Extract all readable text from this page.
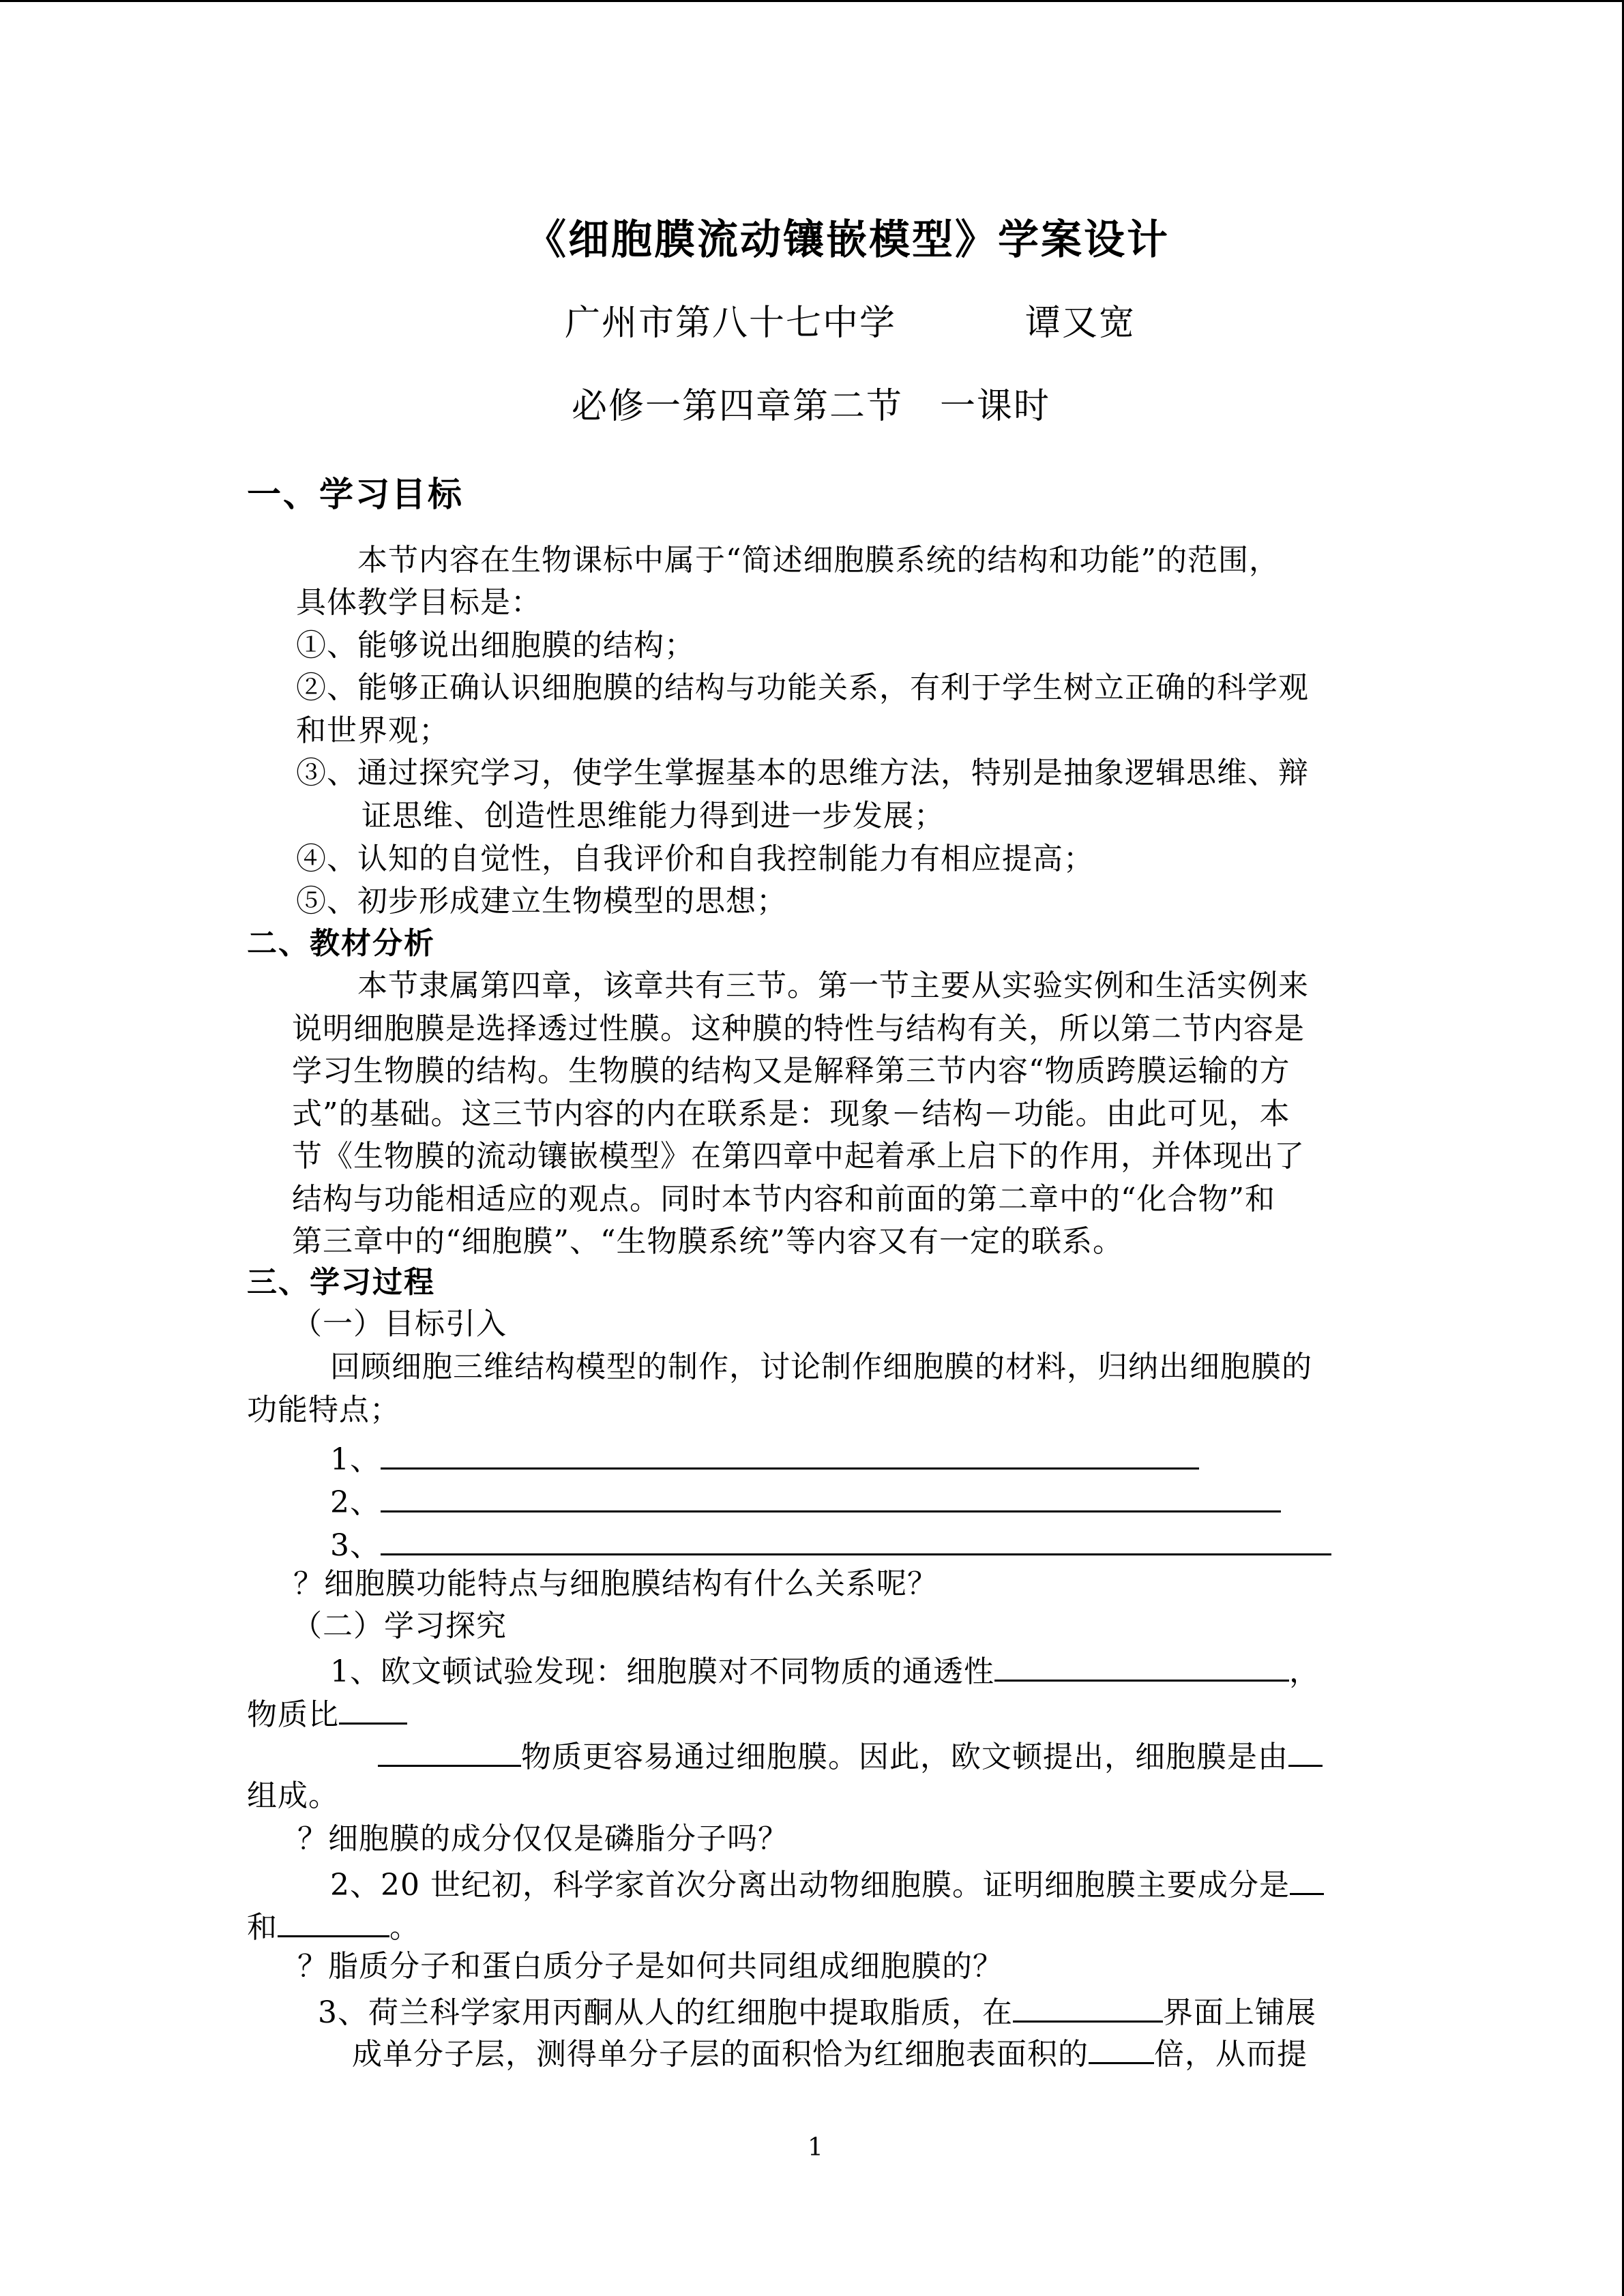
《细胞膜流动镶嵌模型》学案设计
广州市第八十七中学	谭又宽
必修一第四章第二节　一课时
一、学习目标
本节内容在生物课标中属于“简述细胞膜系统的结构和功能”的范围，
具体教学目标是：
①、能够说出细胞膜的结构；
②、能够正确认识细胞膜的结构与功能关系，有利于学生树立正确的科学观
和世界观；
③、通过探究学习，使学生掌握基本的思维方法，特别是抽象逻辑思维、辩
证思维、创造性思维能力得到进一步发展；
④、认知的自觉性，自我评价和自我控制能力有相应提高；
⑤、初步形成建立生物模型的思想；
二、教材分析
本节隶属第四章，该章共有三节。第一节主要从实验实例和生活实例来
说明细胞膜是选择透过性膜。这种膜的特性与结构有关，所以第二节内容是
学习生物膜的结构。生物膜的结构又是解释第三节内容“物质跨膜运输的方
式”的基础。这三节内容的内在联系是：现象－结构－功能。由此可见，本
节《生物膜的流动镶嵌模型》在第四章中起着承上启下的作用，并体现出了
结构与功能相适应的观点。同时本节内容和前面的第二章中的“化合物”和
第三章中的“细胞膜”、“生物膜系统”等内容又有一定的联系。
三、学习过程
（一）目标引入
回顾细胞三维结构模型的制作，讨论制作细胞膜的材料，归纳出细胞膜的
功能特点；
1、
2、
3、
？细胞膜功能特点与细胞膜结构有什么关系呢？
（二）学习探究
1、欧文顿试验发现：细胞膜对不同物质的通透性	，
物质比
物质更容易通过细胞膜。因此，欧文顿提出，细胞膜是由
组成。
？细胞膜的成分仅仅是磷脂分子吗？
2、20 世纪初，科学家首次分离出动物细胞膜。证明细胞膜主要成分是
和	。
？脂质分子和蛋白质分子是如何共同组成细胞膜的？
3、荷兰科学家用丙酮从人的红细胞中提取脂质，在	界面上铺展
成单分子层，测得单分子层的面积恰为红细胞表面积的 倍，从而提
1
